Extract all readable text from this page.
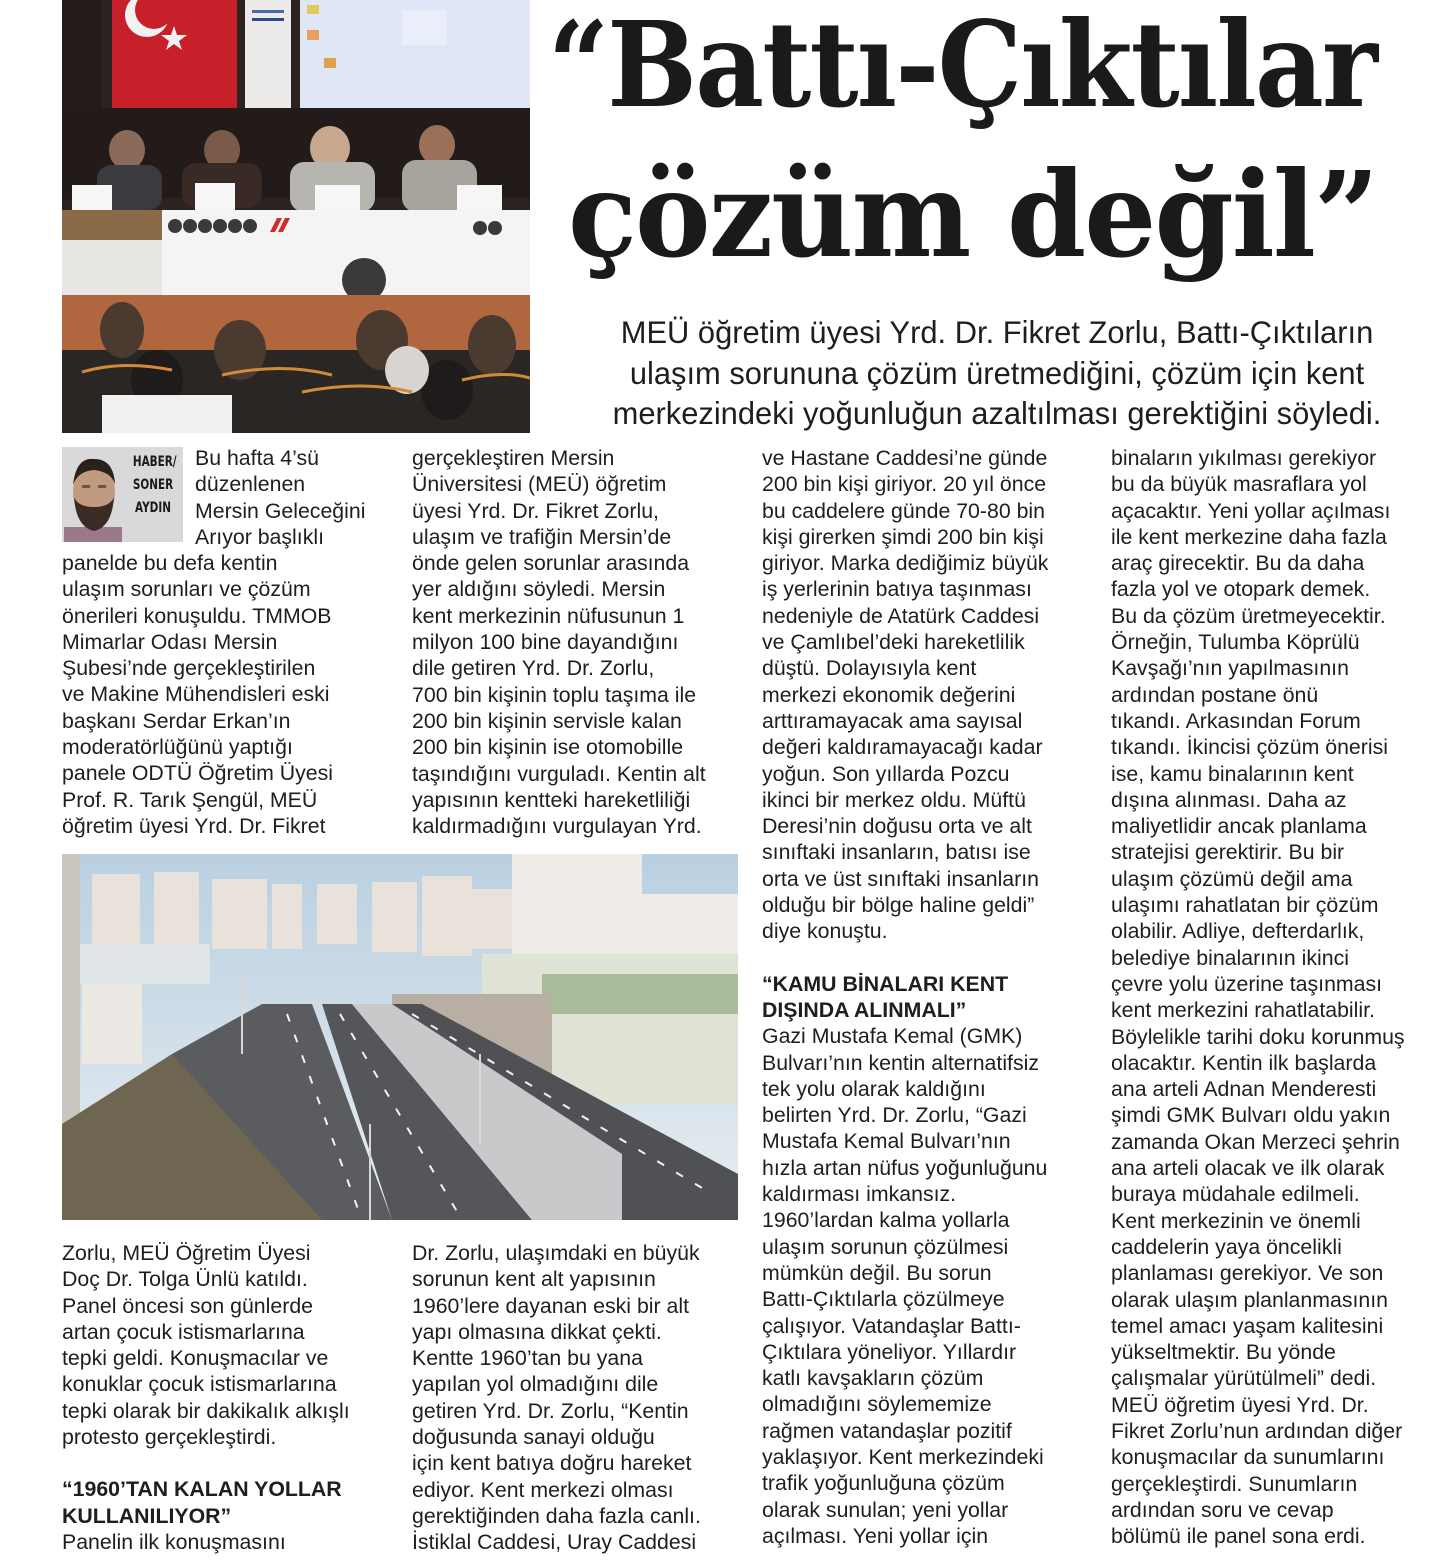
“Battı-Çıktılar
çözüm değil”
MEÜ öğretim üyesi Yrd. Dr. Fikret Zorlu, Battı-Çıktıların
ulaşım sorununa çözüm üretmediğini, çözüm için kent
merkezindeki yoğunluğun azaltılması gerektiğini söyledi.
HABER/
SONER
AYDIN
Bu hafta 4’sü
düzenlenen
Mersin Geleceğini
Arıyor başlıklı
panelde bu defa kentin
ulaşım sorunları ve çözüm
önerileri konuşuldu. TMMOB
Mimarlar Odası Mersin
Şubesi’nde gerçekleştirilen
ve Makine Mühendisleri eski
başkanı Serdar Erkan’ın
moderatörlüğünü yaptığı
panele ODTÜ Öğretim Üyesi
Prof. R. Tarık Şengül, MEÜ
öğretim üyesi Yrd. Dr. Fikret
gerçekleştiren Mersin
Üniversitesi (MEÜ) öğretim
üyesi Yrd. Dr. Fikret Zorlu,
ulaşım ve trafiğin Mersin’de
önde gelen sorunlar arasında
yer aldığını söyledi. Mersin
kent merkezinin nüfusunun 1
milyon 100 bine dayandığını
dile getiren Yrd. Dr. Zorlu,
700 bin kişinin toplu taşıma ile
200 bin kişinin servisle kalan
200 bin kişinin ise otomobille
taşındığını vurguladı. Kentin alt
yapısının kentteki hareketliliği
kaldırmadığını vurgulayan Yrd.
Zorlu, MEÜ Öğretim Üyesi
Doç Dr. Tolga Ünlü katıldı.
Panel öncesi son günlerde
artan çocuk istismarlarına
tepki geldi. Konuşmacılar ve
konuklar çocuk istismarlarına
tepki olarak bir dakikalık alkışlı
protesto gerçekleştirdi.
“1960’TAN KALAN YOLLAR
KULLANILIYOR”
Panelin ilk konuşmasını
Dr. Zorlu, ulaşımdaki en büyük
sorunun kent alt yapısının
1960’lere dayanan eski bir alt
yapı olmasına dikkat çekti.
Kentte 1960’tan bu yana
yapılan yol olmadığını dile
getiren Yrd. Dr. Zorlu, “Kentin
doğusunda sanayi olduğu
için kent batıya doğru hareket
ediyor. Kent merkezi olması
gerektiğinden daha fazla canlı.
İstiklal Caddesi, Uray Caddesi
ve Hastane Caddesi’ne günde
200 bin kişi giriyor. 20 yıl önce
bu caddelere günde 70-80 bin
kişi girerken şimdi 200 bin kişi
giriyor. Marka dediğimiz büyük
iş yerlerinin batıya taşınması
nedeniyle de Atatürk Caddesi
ve Çamlıbel’deki hareketlilik
düştü. Dolayısıyla kent
merkezi ekonomik değerini
arttıramayacak ama sayısal
değeri kaldıramayacağı kadar
yoğun. Son yıllarda Pozcu
ikinci bir merkez oldu. Müftü
Deresi’nin doğusu orta ve alt
sınıftaki insanların, batısı ise
orta ve üst sınıftaki insanların
olduğu bir bölge haline geldi”
diye konuştu.
“KAMU BİNALARI KENT
DIŞINDA ALINMALI”
Gazi Mustafa Kemal (GMK)
Bulvarı’nın kentin alternatifsiz
tek yolu olarak kaldığını
belirten Yrd. Dr. Zorlu, “Gazi
Mustafa Kemal Bulvarı’nın
hızla artan nüfus yoğunluğunu
kaldırması imkansız.
1960’lardan kalma yollarla
ulaşım sorunun çözülmesi
mümkün değil. Bu sorun
Battı-Çıktılarla çözülmeye
çalışıyor. Vatandaşlar Battı-
Çıktılara yöneliyor. Yıllardır
katlı kavşakların çözüm
olmadığını söylememize
rağmen vatandaşlar pozitif
yaklaşıyor. Kent merkezindeki
trafik yoğunluğuna çözüm
olarak sunulan; yeni yollar
açılması. Yeni yollar için
binaların yıkılması gerekiyor
bu da büyük masraflara yol
açacaktır. Yeni yollar açılması
ile kent merkezine daha fazla
araç girecektir. Bu da daha
fazla yol ve otopark demek.
Bu da çözüm üretmeyecektir.
Örneğin, Tulumba Köprülü
Kavşağı’nın yapılmasının
ardından postane önü
tıkandı. Arkasından Forum
tıkandı. İkincisi çözüm önerisi
ise, kamu binalarının kent
dışına alınması. Daha az
maliyetlidir ancak planlama
stratejisi gerektirir. Bu bir
ulaşım çözümü değil ama
ulaşımı rahatlatan bir çözüm
olabilir. Adliye, defterdarlık,
belediye binalarının ikinci
çevre yolu üzerine taşınması
kent merkezini rahatlatabilir.
Böylelikle tarihi doku korunmuş
olacaktır. Kentin ilk başlarda
ana arteli Adnan Menderesti
şimdi GMK Bulvarı oldu yakın
zamanda Okan Merzeci şehrin
ana arteli olacak ve ilk olarak
buraya müdahale edilmeli.
Kent merkezinin ve önemli
caddelerin yaya öncelikli
planlaması gerekiyor. Ve son
olarak ulaşım planlanmasının
temel amacı yaşam kalitesini
yükseltmektir. Bu yönde
çalışmalar yürütülmeli” dedi.
MEÜ öğretim üyesi Yrd. Dr.
Fikret Zorlu’nun ardından diğer
konuşmacılar da sunumlarını
gerçekleştirdi. Sunumların
ardından soru ve cevap
bölümü ile panel sona erdi.
